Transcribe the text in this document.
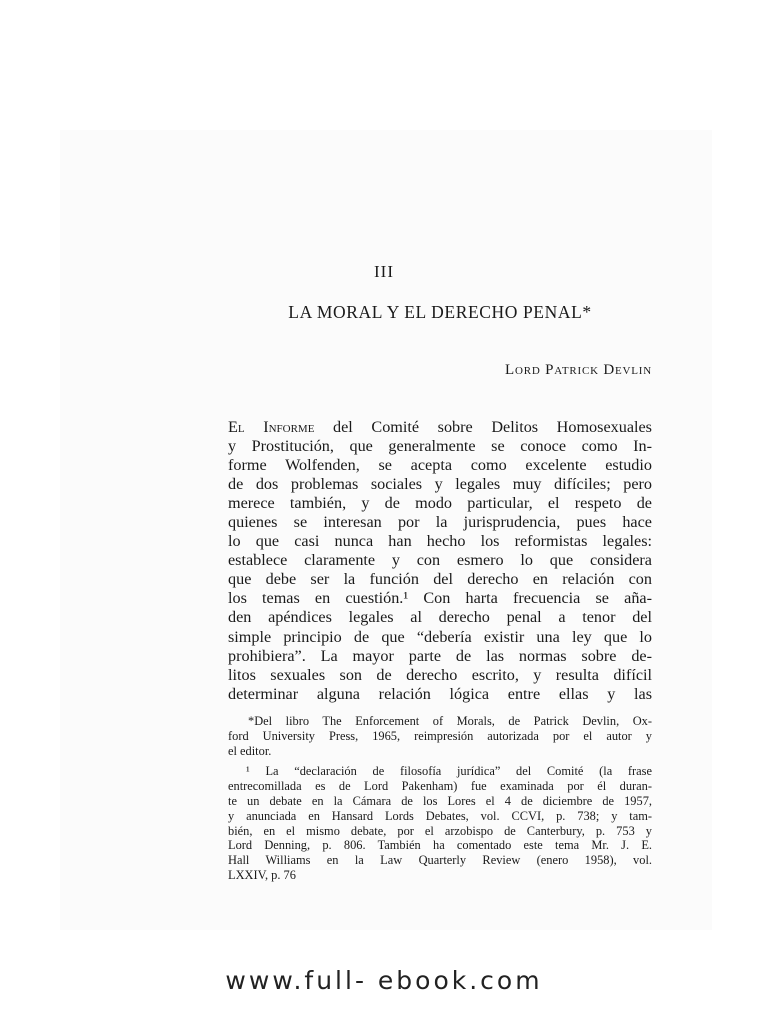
III
LA MORAL Y EL DERECHO PENAL*
Lord Patrick Devlin
El Informe del Comité sobre Delitos Homosexuales
y Prostitución, que generalmente se conoce como In-
forme Wolfenden, se acepta como excelente estudio
de dos problemas sociales y legales muy difíciles; pero
merece también, y de modo particular, el respeto de
quienes se interesan por la jurisprudencia, pues hace
lo que casi nunca han hecho los reformistas legales:
establece claramente y con esmero lo que considera
que debe ser la función del derecho en relación con
los temas en cuestión.¹ Con harta frecuencia se aña-
den apéndices legales al derecho penal a tenor del
simple principio de que “debería existir una ley que lo
prohibiera”. La mayor parte de las normas sobre de-
litos sexuales son de derecho escrito, y resulta difícil
determinar alguna relación lógica entre ellas y las
*Del libro The Enforcement of Morals, de Patrick Devlin, Ox-
ford University Press, 1965, reimpresión autorizada por el autor y
el editor.
¹ La “declaración de filosofía jurídica” del Comité (la frase
entrecomillada es de Lord Pakenham) fue examinada por él duran-
te un debate en la Cámara de los Lores el 4 de diciembre de 1957,
y anunciada en Hansard Lords Debates, vol. CCVI, p. 738; y tam-
bién, en el mismo debate, por el arzobispo de Canterbury, p. 753 y
Lord Denning, p. 806. También ha comentado este tema Mr. J. E.
Hall Williams en la Law Quarterly Review (enero 1958), vol.
LXXIV, p. 76
www.full- ebook.com
